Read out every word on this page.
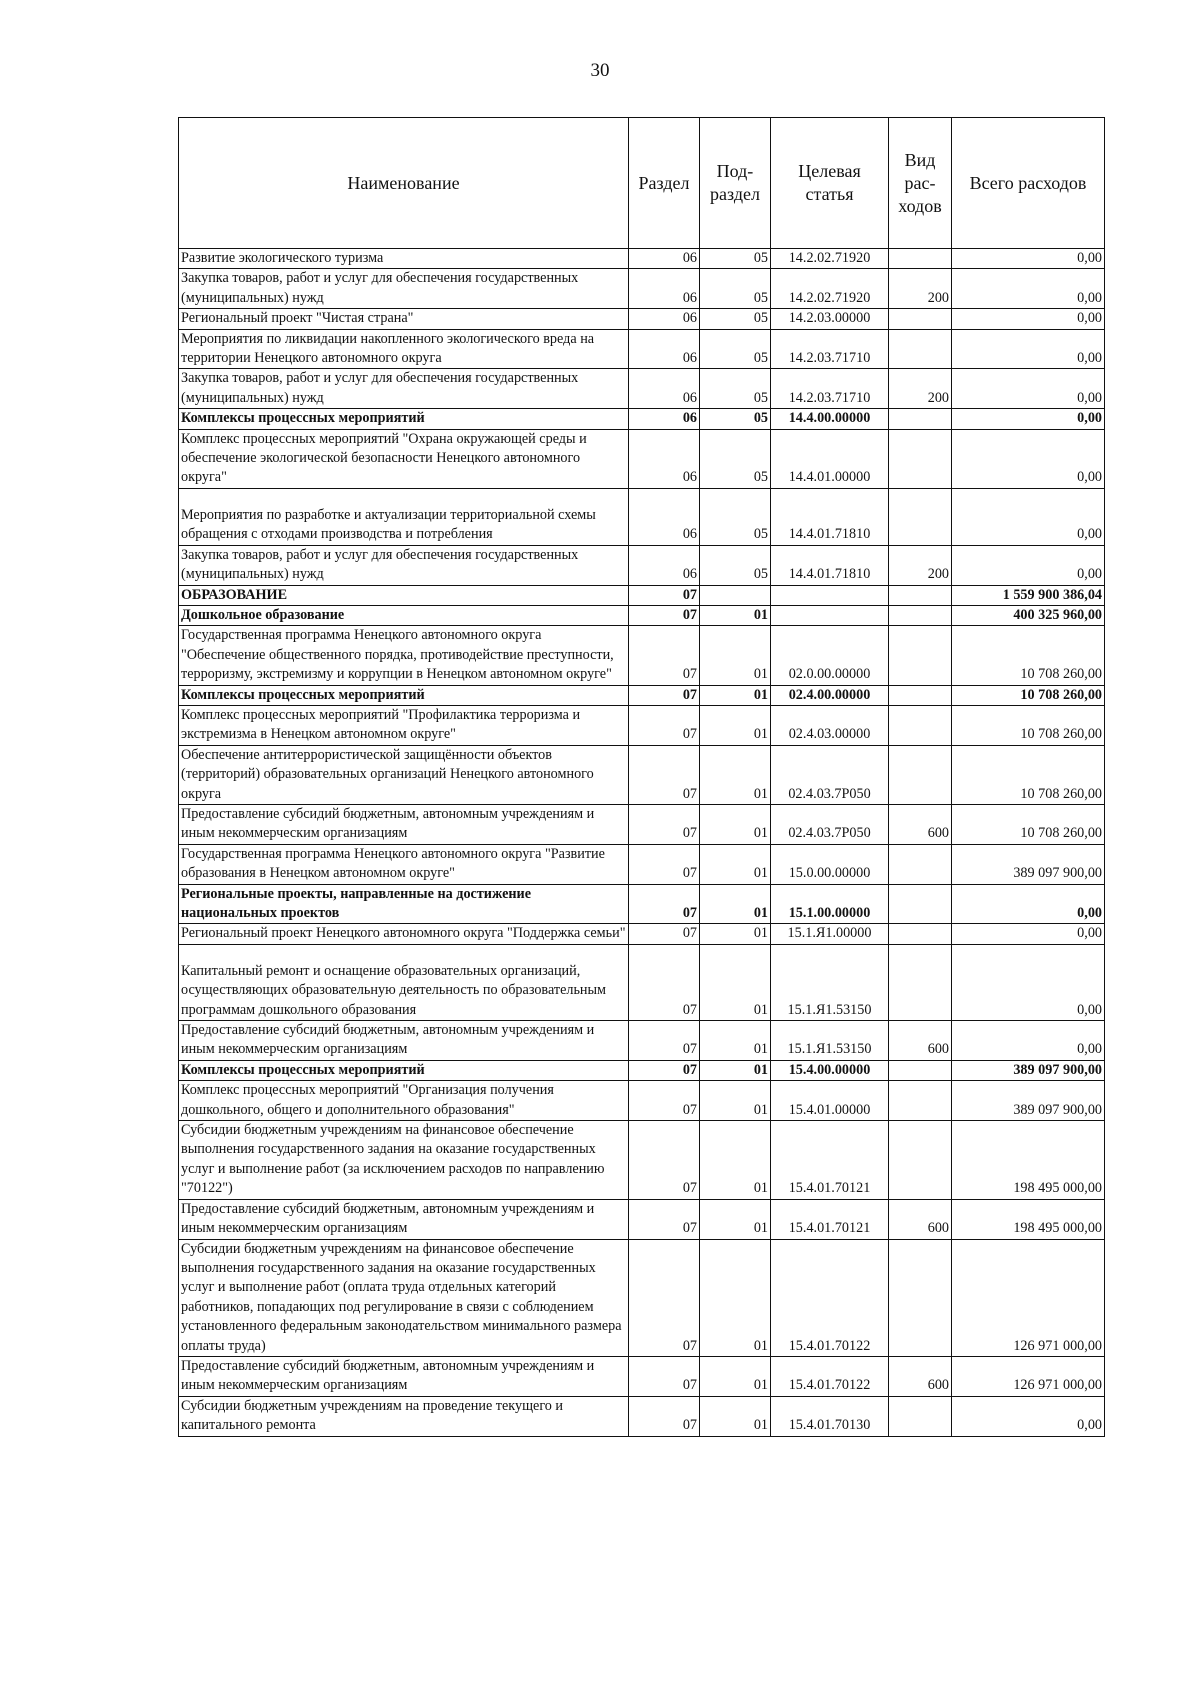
30
Наименование	Раздел	Под-раздел	Целевая статья	Вид рас-ходов	Всего расходов
Развитие экологического туризма	06	05	14.2.02.71920		0,00
Закупка товаров, работ и услуг для обеспечения государственных (муниципальных) нужд	06	05	14.2.02.71920	200	0,00
Региональный проект "Чистая страна"	06	05	14.2.03.00000		0,00
Мероприятия по ликвидации накопленного экологического вреда на территории Ненецкого автономного округа	06	05	14.2.03.71710		0,00
Закупка товаров, работ и услуг для обеспечения государственных (муниципальных) нужд	06	05	14.2.03.71710	200	0,00
Комплексы процессных мероприятий	06	05	14.4.00.00000		0,00
Комплекс процессных мероприятий "Охрана окружающей среды и обеспечение экологической безопасности Ненецкого автономного округа"	06	05	14.4.01.00000		0,00
Мероприятия по разработке и актуализации территориальной схемы обращения с отходами производства и потребления	06	05	14.4.01.71810		0,00
Закупка товаров, работ и услуг для обеспечения государственных (муниципальных) нужд	06	05	14.4.01.71810	200	0,00
ОБРАЗОВАНИЕ	07				1 559 900 386,04
Дошкольное образование	07	01			400 325 960,00
Государственная программа Ненецкого автономного округа "Обеспечение общественного порядка, противодействие преступности, терроризму, экстремизму и коррупции в Ненецком автономном округе"	07	01	02.0.00.00000		10 708 260,00
Комплексы процессных мероприятий	07	01	02.4.00.00000		10 708 260,00
Комплекс процессных мероприятий "Профилактика терроризма и экстремизма в Ненецком автономном округе"	07	01	02.4.03.00000		10 708 260,00
Обеспечение антитеррористической защищённости объектов (территорий) образовательных организаций Ненецкого автономного округа	07	01	02.4.03.7Р050		10 708 260,00
Предоставление субсидий бюджетным, автономным учреждениям и иным некоммерческим организациям	07	01	02.4.03.7Р050	600	10 708 260,00
Государственная программа Ненецкого автономного округа "Развитие образования в Ненецком автономном округе"	07	01	15.0.00.00000		389 097 900,00
Региональные проекты, направленные на достижение национальных проектов	07	01	15.1.00.00000		0,00
Региональный проект Ненецкого автономного округа "Поддержка семьи"	07	01	15.1.Я1.00000		0,00
Капитальный ремонт и оснащение образовательных организаций, осуществляющих образовательную деятельность по образовательным программам дошкольного образования	07	01	15.1.Я1.53150		0,00
Предоставление субсидий бюджетным, автономным учреждениям и иным некоммерческим организациям	07	01	15.1.Я1.53150	600	0,00
Комплексы процессных мероприятий	07	01	15.4.00.00000		389 097 900,00
Комплекс процессных мероприятий "Организация получения дошкольного, общего и дополнительного образования"	07	01	15.4.01.00000		389 097 900,00
Субсидии бюджетным учреждениям на финансовое обеспечение выполнения государственного задания на оказание государственных услуг и выполнение работ (за исключением расходов по направлению "70122")	07	01	15.4.01.70121		198 495 000,00
Предоставление субсидий бюджетным, автономным учреждениям и иным некоммерческим организациям	07	01	15.4.01.70121	600	198 495 000,00
Субсидии бюджетным учреждениям на финансовое обеспечение выполнения государственного задания на оказание государственных услуг и выполнение работ (оплата труда отдельных категорий работников, попадающих под регулирование в связи с соблюдением установленного федеральным законодательством минимального размера оплаты труда)	07	01	15.4.01.70122		126 971 000,00
Предоставление субсидий бюджетным, автономным учреждениям и иным некоммерческим организациям	07	01	15.4.01.70122	600	126 971 000,00
Субсидии бюджетным учреждениям на проведение текущего и капитального ремонта	07	01	15.4.01.70130		0,00
